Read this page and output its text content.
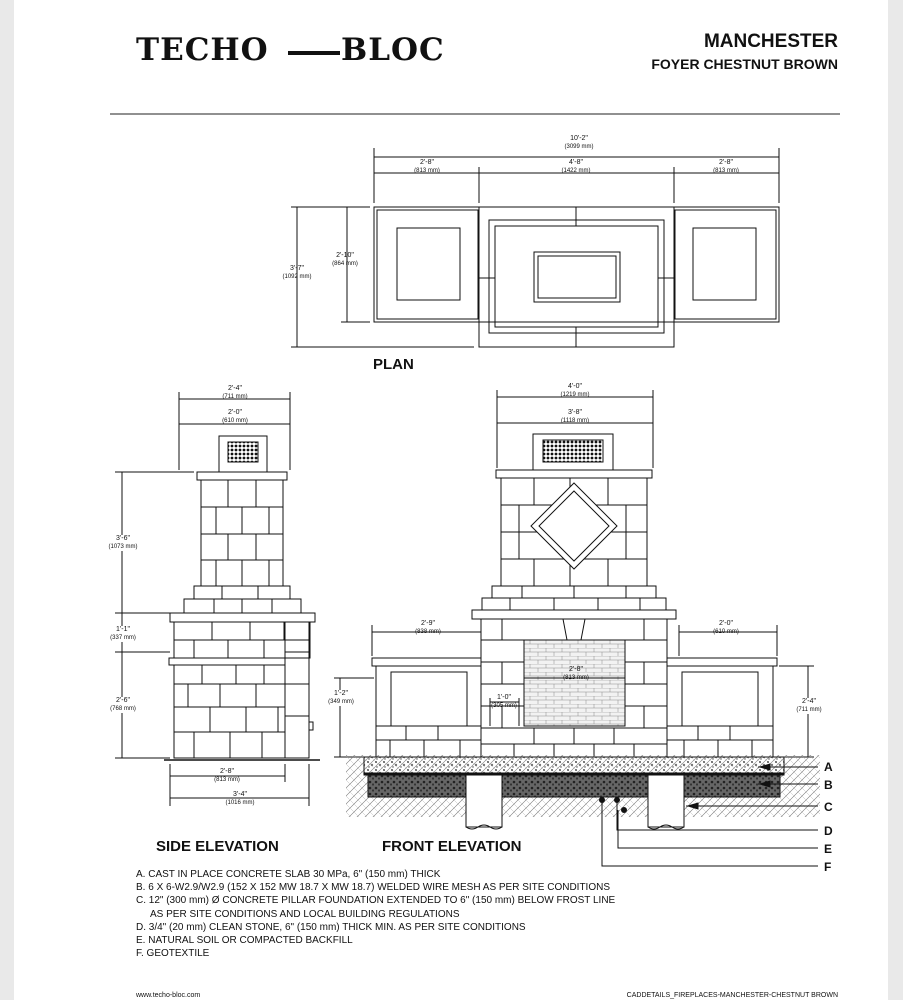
TECHO BLOC	MANCHESTER
FOYER CHESTNUT BROWN
PLAN
SIDE ELEVATION	FRONT ELEVATION
10'-2"
(3099 mm)
2'-8"
(813 mm)
4'-8"
(1422 mm)
2'-8"
(813 mm)
3'-7"
(1092 mm)
2'-10"
(864 mm)
2'-4"
(711 mm)
2'-0"
(610 mm)
3'-6"
(1073 mm)
1'-1"
(337 mm)
2'-6"
(768 mm)
2'-8"
(813 mm)
3'-4"
(1016 mm)
4'-0"
(1219 mm)
3'-8"
(1118 mm)
2'-9"
(838 mm)
2'-0"
(610 mm)
2'-8"
(813 mm)
1'-2"
(349 mm)
1'-0"
(305 mm)
2'-4"
(711 mm)
A
B
C
D
E
F
A. CAST IN PLACE CONCRETE SLAB 30 MPa, 6" (150 mm) THICK
B. 6 X 6-W2.9/W2.9 (152 X 152 MW 18.7 X MW 18.7) WELDED WIRE MESH AS PER SITE CONDITIONS
C. 12" (300 mm) Ø CONCRETE PILLAR FOUNDATION EXTENDED TO 6" (150 mm) BELOW FROST LINE
AS PER SITE CONDITIONS AND LOCAL BUILDING REGULATIONS
D. 3/4" (20 mm) CLEAN STONE, 6" (150 mm) THICK MIN. AS PER SITE CONDITIONS
E. NATURAL SOIL OR COMPACTED BACKFILL
F. GEOTEXTILE
www.techo-bloc.com	CADDETAILS_FIREPLACES-MANCHESTER-CHESTNUT BROWN
